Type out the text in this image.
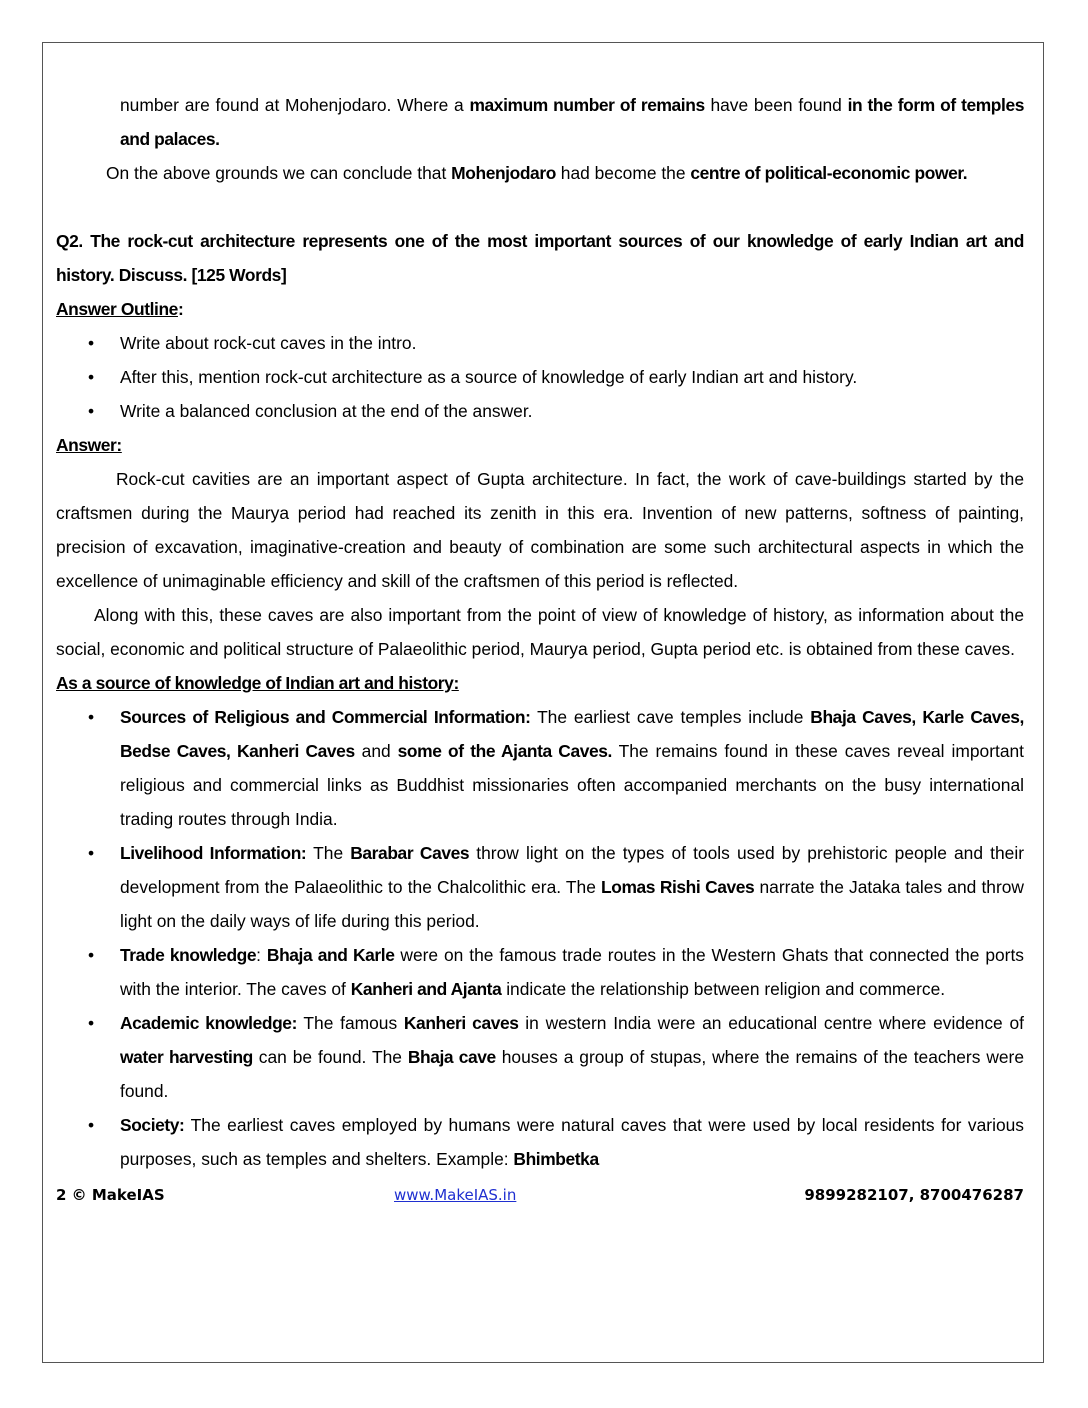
number are found at Mohenjodaro. Where a maximum number of remains have been found in the form of temples and palaces.
On the above grounds we can conclude that Mohenjodaro had become the centre of political-economic power.
Q2. The rock-cut architecture represents one of the most important sources of our knowledge of early Indian art and history. Discuss. [125 Words]
Answer Outline:
• Write about rock-cut caves in the intro.
• After this, mention rock-cut architecture as a source of knowledge of early Indian art and history.
• Write a balanced conclusion at the end of the answer.
Answer:
Rock-cut cavities are an important aspect of Gupta architecture. In fact, the work of cave-buildings started by the craftsmen during the Maurya period had reached its zenith in this era. Invention of new patterns, softness of painting, precision of excavation, imaginative-creation and beauty of combination are some such architectural aspects in which the excellence of unimaginable efficiency and skill of the craftsmen of this period is reflected.
Along with this, these caves are also important from the point of view of knowledge of history, as information about the social, economic and political structure of Palaeolithic period, Maurya period, Gupta period etc. is obtained from these caves.
As a source of knowledge of Indian art and history:
• Sources of Religious and Commercial Information: The earliest cave temples include Bhaja Caves, Karle Caves, Bedse Caves, Kanheri Caves and some of the Ajanta Caves. The remains found in these caves reveal important religious and commercial links as Buddhist missionaries often accompanied merchants on the busy international trading routes through India.
• Livelihood Information: The Barabar Caves throw light on the types of tools used by prehistoric people and their development from the Palaeolithic to the Chalcolithic era. The Lomas Rishi Caves narrate the Jataka tales and throw light on the daily ways of life during this period.
• Trade knowledge: Bhaja and Karle were on the famous trade routes in the Western Ghats that connected the ports with the interior. The caves of Kanheri and Ajanta indicate the relationship between religion and commerce.
• Academic knowledge: The famous Kanheri caves in western India were an educational centre where evidence of water harvesting can be found. The Bhaja cave houses a group of stupas, where the remains of the teachers were found.
• Society: The earliest caves employed by humans were natural caves that were used by local residents for various purposes, such as temples and shelters. Example: Bhimbetka
2 © MakeIAS	www.MakeIAS.in	9899282107, 8700476287
